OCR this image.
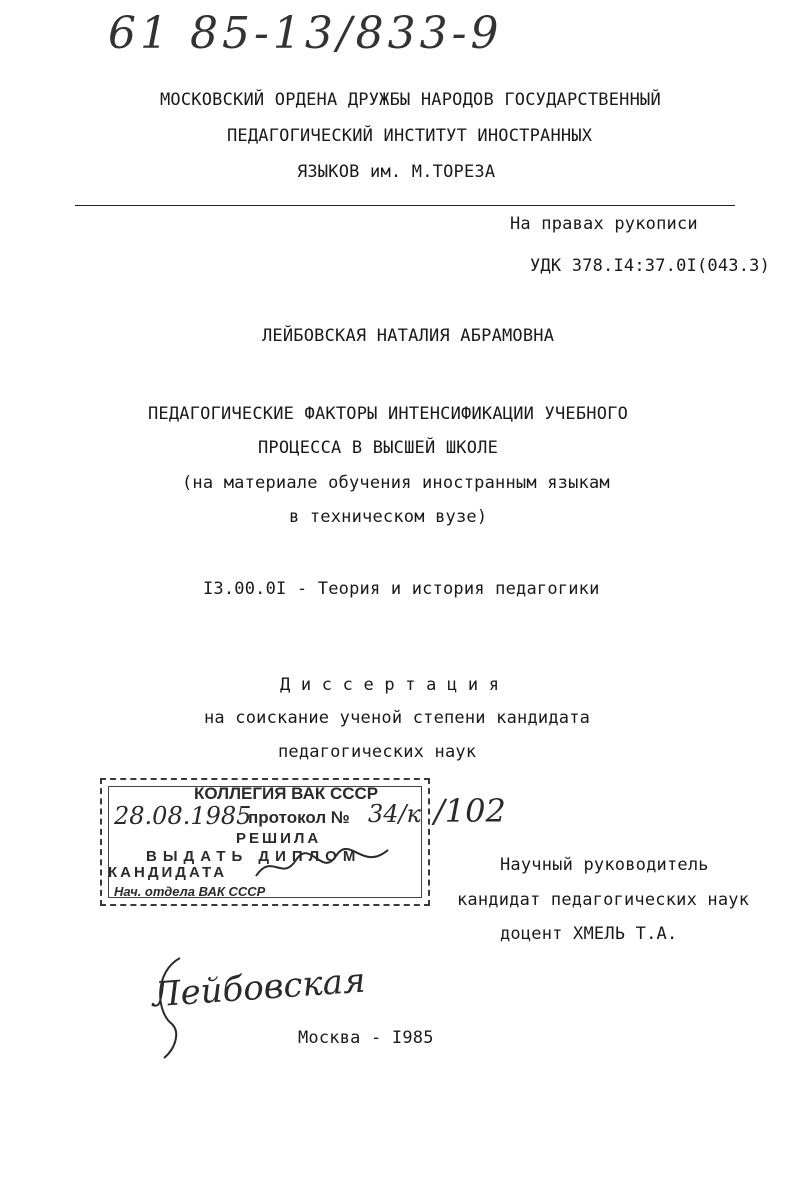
61 85-13/833-9
МОСКОВСКИЙ ОРДЕНА ДРУЖБЫ НАРОДОВ ГОСУДАРСТВЕННЫЙ
ПЕДАГОГИЧЕСКИЙ ИНСТИТУТ ИНОСТРАННЫХ
ЯЗЫКОВ им. М.ТОРЕЗА
На правах рукописи
УДК 378.I4:37.0I(043.3)
ЛЕЙБОВСКАЯ НАТАЛИЯ АБРАМОВНА
ПЕДАГОГИЧЕСКИЕ ФАКТОРЫ ИНТЕНСИФИКАЦИИ УЧЕБНОГО
ПРОЦЕССА В ВЫСШЕЙ ШКОЛЕ
(на материале обучения иностранным языкам
в техническом вузе)
I3.00.0I - Теория и история педагогики
Д и с с е р т а ц и я
на соискание ученой степени кандидата
педагогических наук
КОЛЛЕГИЯ ВАК СССР
28.08.1985
протокол № 34/к
РЕШИЛА
ВЫДАТЬ ДИПЛОМ
КАНДИДАТА
Нач. отдела ВАК СССР
/102
Научный руководитель
кандидат педагогических наук
доцент ХМЕЛЬ Т.А.
Лейбовская
Москва - I985
